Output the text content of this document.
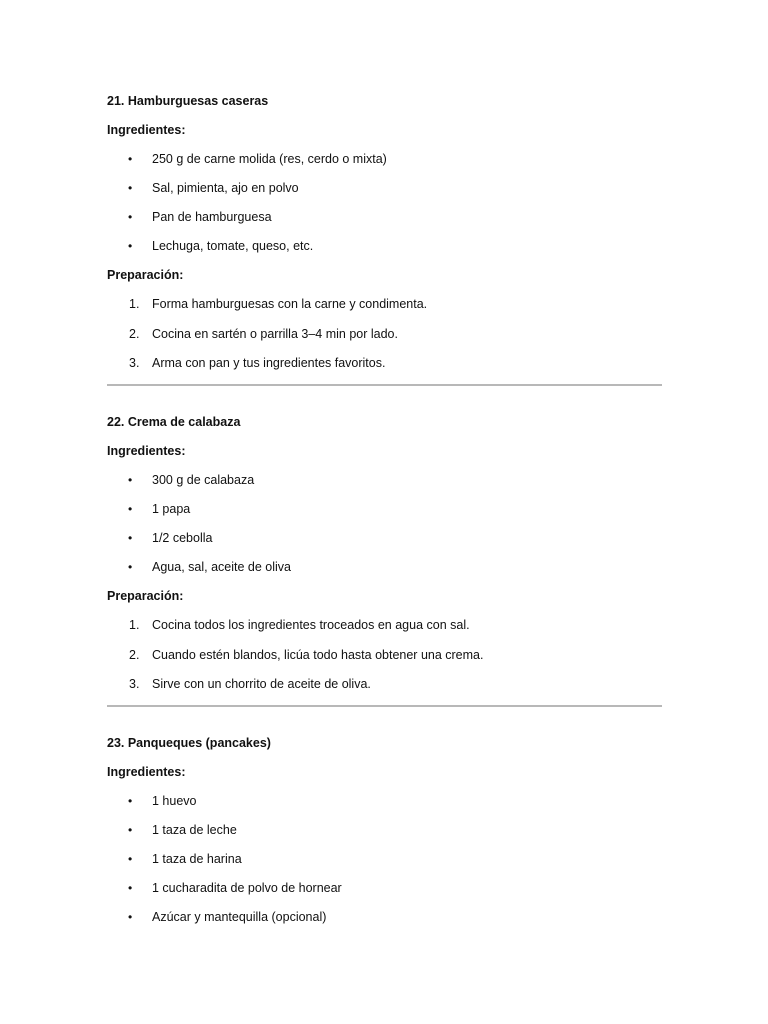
21. Hamburguesas caseras

Ingredientes:

• 250 g de carne molida (res, cerdo o mixta)
• Sal, pimienta, ajo en polvo
• Pan de hamburguesa
• Lechuga, tomate, queso, etc.

Preparación:

1. Forma hamburguesas con la carne y condimenta.
2. Cocina en sartén o parrilla 3–4 min por lado.
3. Arma con pan y tus ingredientes favoritos.

22. Crema de calabaza

Ingredientes:

• 300 g de calabaza
• 1 papa
• 1/2 cebolla
• Agua, sal, aceite de oliva

Preparación:

1. Cocina todos los ingredientes troceados en agua con sal.
2. Cuando estén blandos, licúa todo hasta obtener una crema.
3. Sirve con un chorrito de aceite de oliva.

23. Panqueques (pancakes)

Ingredientes:

• 1 huevo
• 1 taza de leche
• 1 taza de harina
• 1 cucharadita de polvo de hornear
• Azúcar y mantequilla (opcional)
